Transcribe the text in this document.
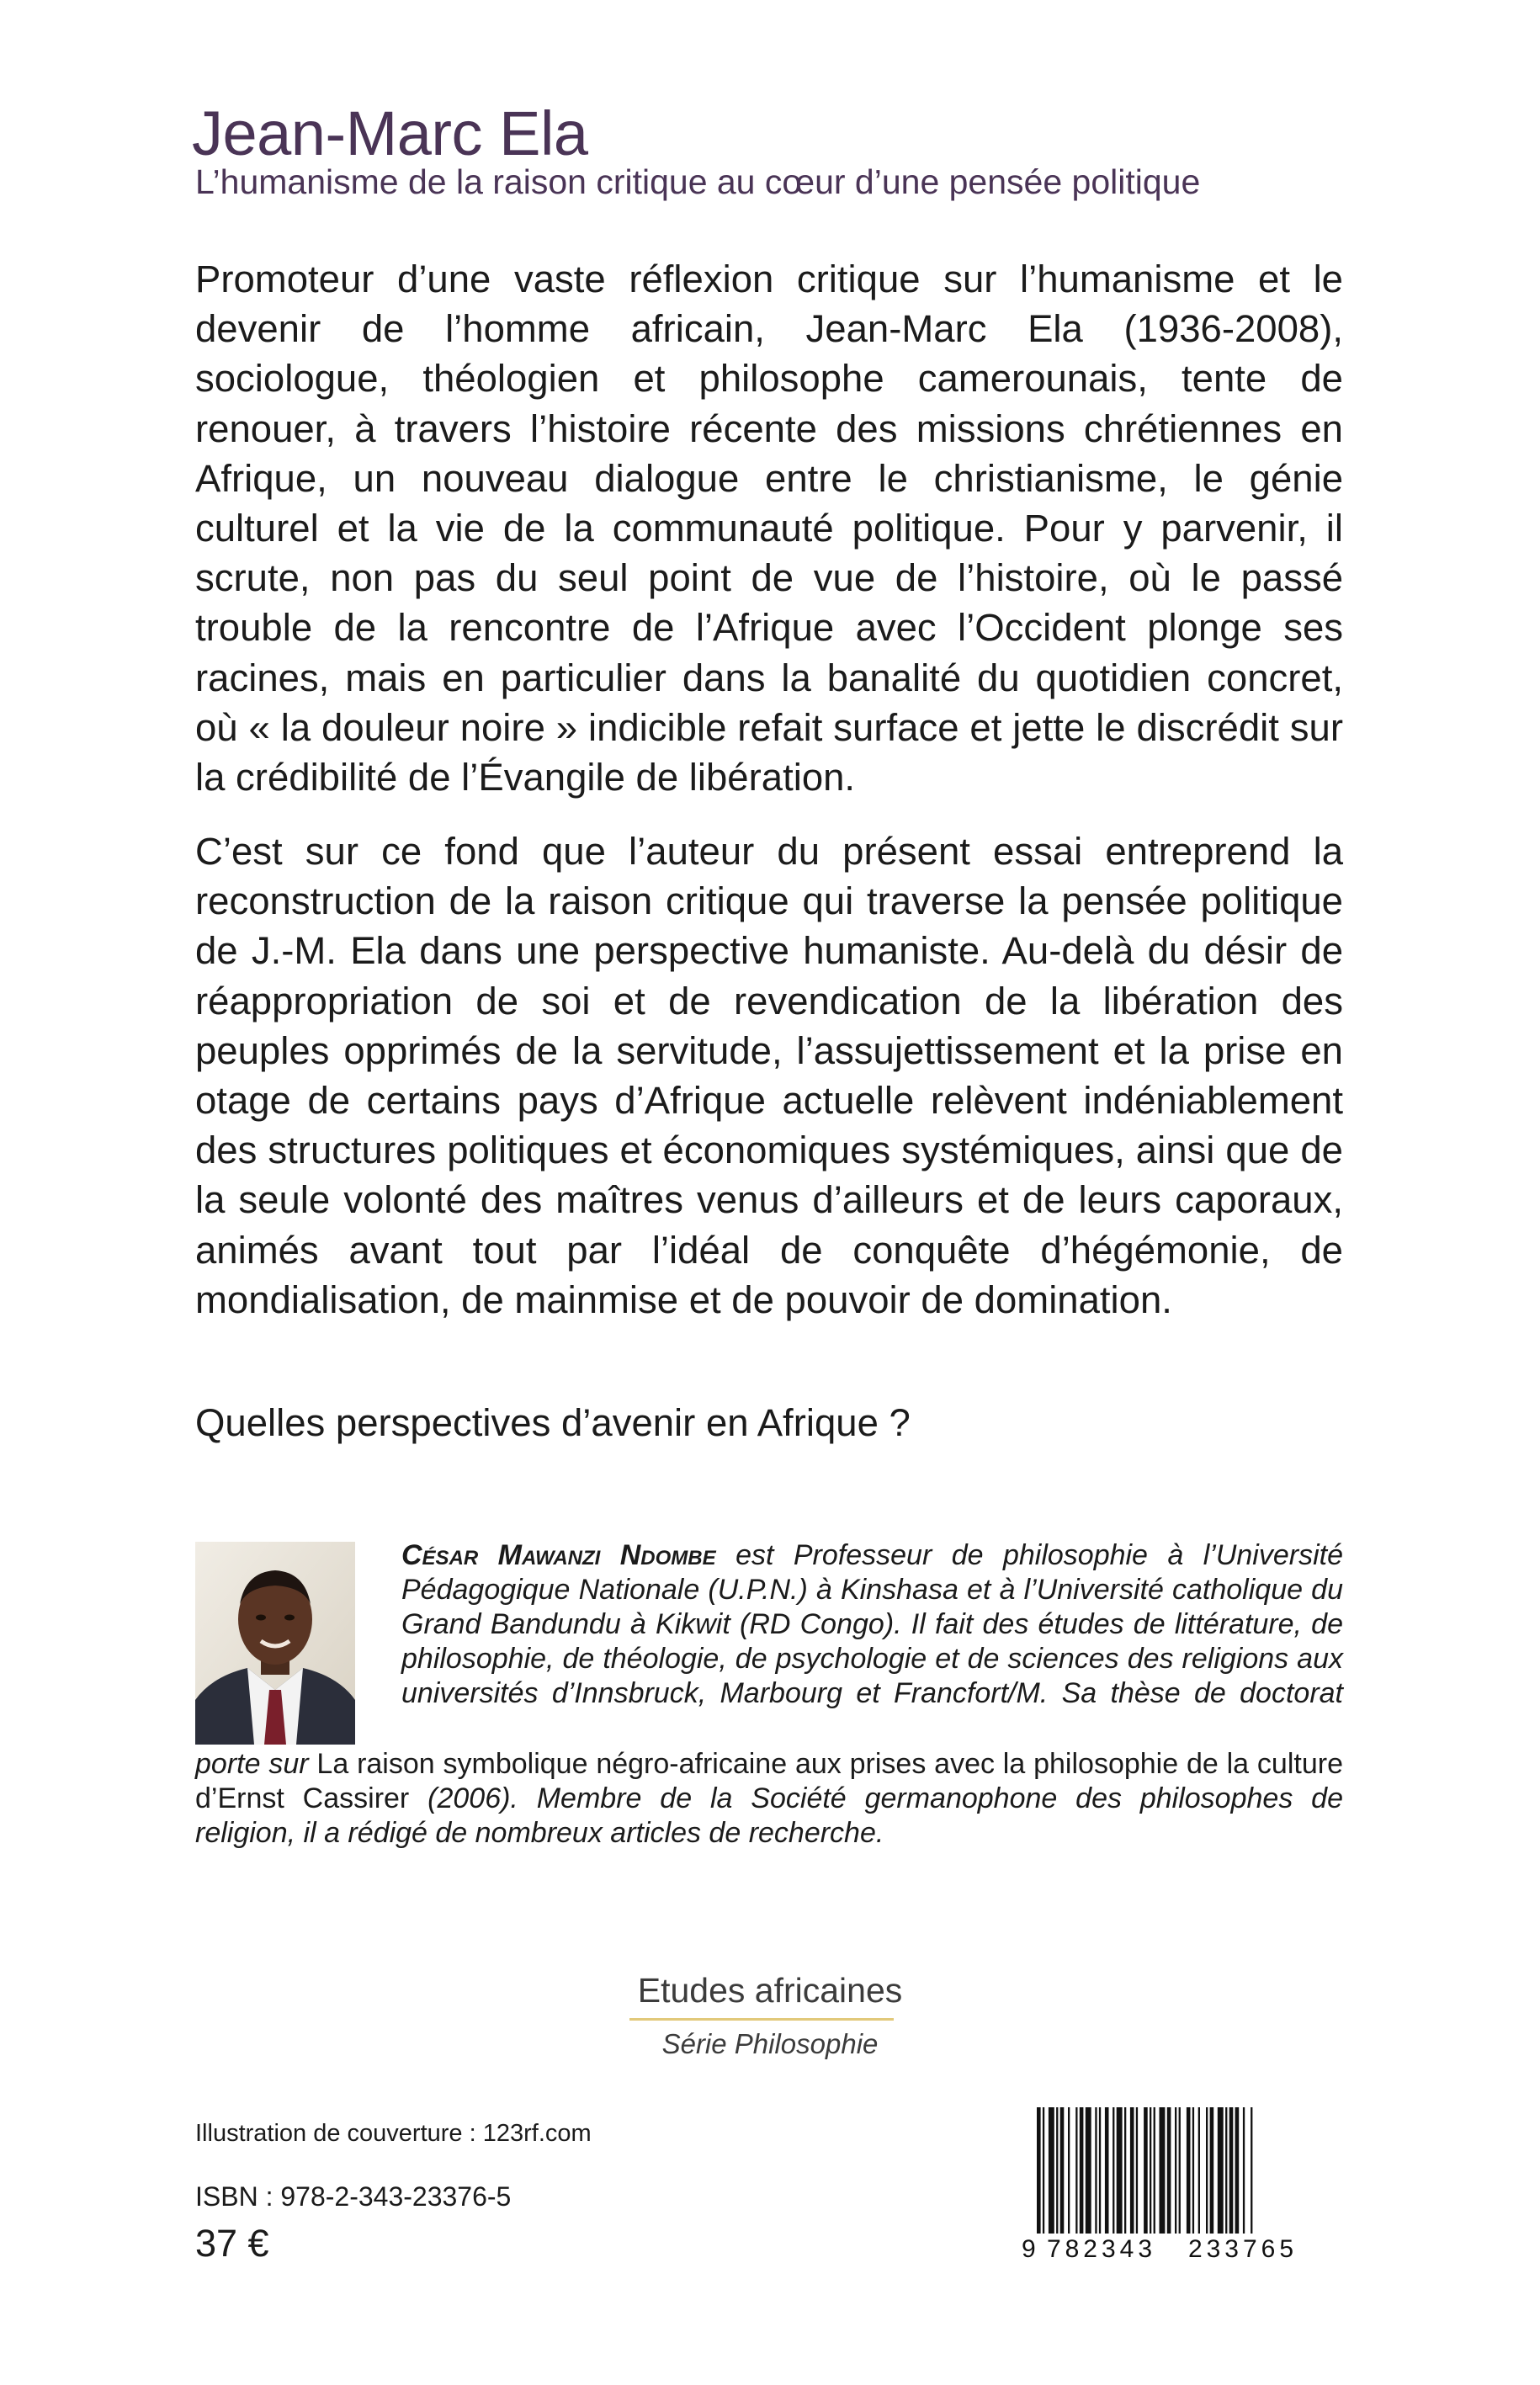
Jean-Marc Ela
L’humanisme de la raison critique au cœur d’une pensée politique

Promoteur d’une vaste réflexion critique sur l’humanisme et le devenir de l’homme africain, Jean-Marc Ela (1936-2008), sociologue, théologien et philosophe camerounais, tente de renouer, à travers l’histoire récente des missions chrétiennes en Afrique, un nouveau dialogue entre le christianisme, le génie culturel et la vie de la communauté politique. Pour y parvenir, il scrute, non pas du seul point de vue de l’histoire, où le passé trouble de la rencontre de l’Afrique avec l’Occident plonge ses racines, mais en particulier dans la banalité du quotidien concret, où « la douleur noire » indicible refait surface et jette le discrédit sur la crédibilité de l’Évangile de libération.

C’est sur ce fond que l’auteur du présent essai entreprend la reconstruction de la raison critique qui traverse la pensée politique de J.-M. Ela dans une perspective humaniste. Au-delà du désir de réappropriation de soi et de revendication de la libération des peuples opprimés de la servitude, l’assujettissement et la prise en otage de certains pays d’Afrique actuelle relèvent indéniablement des structures politiques et économiques systémiques, ainsi que de la seule volonté des maîtres venus d’ailleurs et de leurs caporaux, animés avant tout par l’idéal de conquête d’hégémonie, de mondialisation, de mainmise et de pouvoir de domination.

Quelles perspectives d’avenir en Afrique ?

César Mawanzi Ndombe est Professeur de philosophie à l’Université Pédagogique Nationale (U.P.N.) à Kinshasa et à l’Université catholique du Grand Bandundu à Kikwit (RD Congo). Il fait des études de littérature, de philosophie, de théologie, de psychologie et de sciences des religions aux universités d’Innsbruck, Marbourg et Francfort/M. Sa thèse de doctorat

porte sur La raison symbolique négro-africaine aux prises avec la philosophie de la culture d’Ernst Cassirer (2006). Membre de la Société germanophone des philosophes de religion, il a rédigé de nombreux articles de recherche.

Etudes africaines
Série Philosophie
Illustration de couverture : 123rf.com
ISBN : 978-2-343-23376-5
37 €	9 782343 233765
